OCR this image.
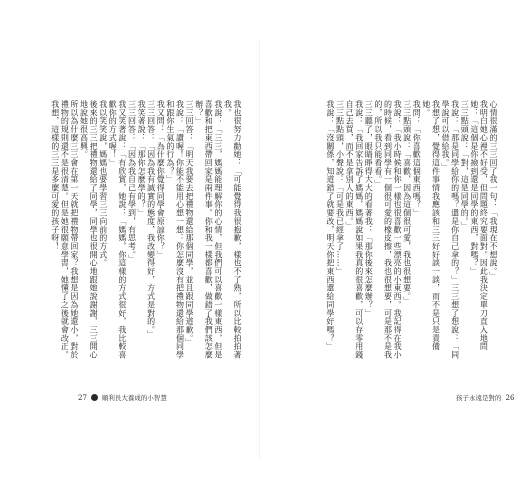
我也很努力勸她：「可能覺得我很抱歉，樣也不了熟，所以比較拍拍著我。

我說：「三三，媽媽能理解你的心情，但我們可以喜歡一樣東西，但是喜歡和把東西帶回家是兩件事。你和我一樣都喜歡，做錯了我們該怎麼辦？」

三三回答：「明天我要去把禮物還給那個同學，並且跟同學道歉。」

我說：「讚喔！你能不能用心想一想：你怎麼沒有把禮物還給那個同學和跟你生氣的行為？」

我又問：「為什麼你覺得同學會原諒你？」

三三回答：「因為我有誠實的態度，我改變得好，方式是對的。」

我笑著說：「那你怎麼學的？」

三三回答：「因為我自己有學到，有思考。」

我又笑著說：「有欣賞，她說：「媽媽，你這樣的方式很好，我比較喜歡你的方式喔！」

我以笑笑說，媽媽也要學習三三向前的方式。

後來的三三把禮物還給了同學，同學也很開心地跟她說謝謝，三三開心地說她很高興。

所以為什麼三三會在第一天就把禮物帶回家？我想是因為她還小，對於禮物的規則還不是很清楚。但是她很願意學習，她懂了之後就會改正。

我想，這樣的三三是多麼可愛的孩子呀！

27 順利長大養成的小智慧

心情很滿的三三回了我一句：「我現在不想說。」

我明白她心裡不好受，但問題終究要面對。因此我決定單刀直入地問她：「這個是你撿到還是同學的東西，對嗎？」

三三點頭說：「對，這是同學的。」

我說：「那是同學給你的嗎？還是你自己拿的？」三三想了想說：「同學說可以借給我。」

我想了想，覺得這件事情我應該和三三好好談一談，而不是只是責備她。

我問：「你喜歡這個東西嗎？」

三三點頭說：「喜歡，因為這個很可愛，我也很想要。」

我說：「我小時候和你一樣也很喜歡一些漂亮的小東西。我記得在我小的時候，看到同學有一個很可愛的橡皮擦，我也很想要，可是那不是我的，所以我只能看看。」

三三聽了，眼睛睜得大大的看著我：「那你後來怎麼辦？」

我說：「我回家告訴了媽媽，媽媽說如果我真的很喜歡，可以存零用錢自己去買，而不是拿別人的東西。」

三三點點頭，小聲說：「可是我已經拿了……」

我說：「沒關係，知道錯了就要改，明天你把東西還給同學好嗎？」

孩子永遠是對的 26
